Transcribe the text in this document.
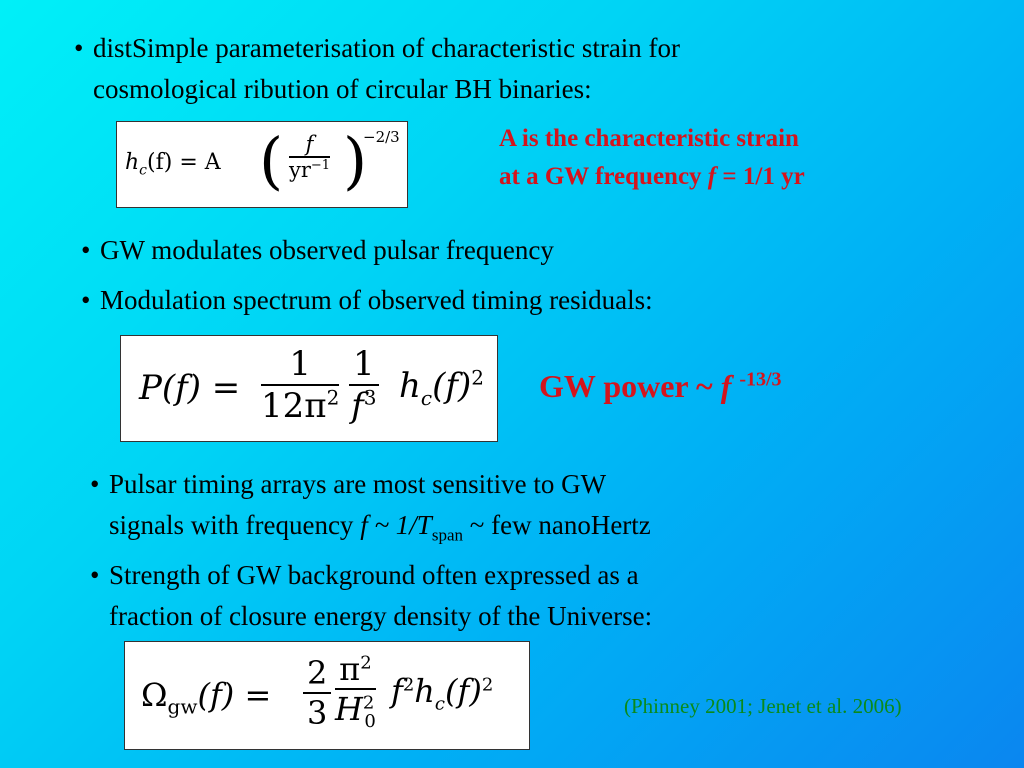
• distSimple parameterisation of characteristic strain for
cosmological ribution of circular BH binaries:
$h_c(f) = A$ ( $\frac{f}{yr^{-1}}$ )
−2/3	A is the characteristic strain
at a GW frequency f = 1/1 yr
• GW modulates observed pulsar frequency
• Modulation spectrum of observed timing residuals:
$P(f) = \frac{1}{12\pi^2} \frac{1}{f^3} h_c(f)^2$ GW power ~ f $^{-13/3}$
• Pulsar timing arrays are most sensitive to GW
signals with frequency f ~ $1/T_{span}$ ~ few nanoHertz
• Strength of GW background often expressed as a
fraction of closure energy density of the Universe:
$\Omega_{gw}(f) = \frac{2}{3} \frac{\pi^2}{H^2_0} f^2h_c(f)^2$
(Phinney 2001; Jenet et al. 2006)
